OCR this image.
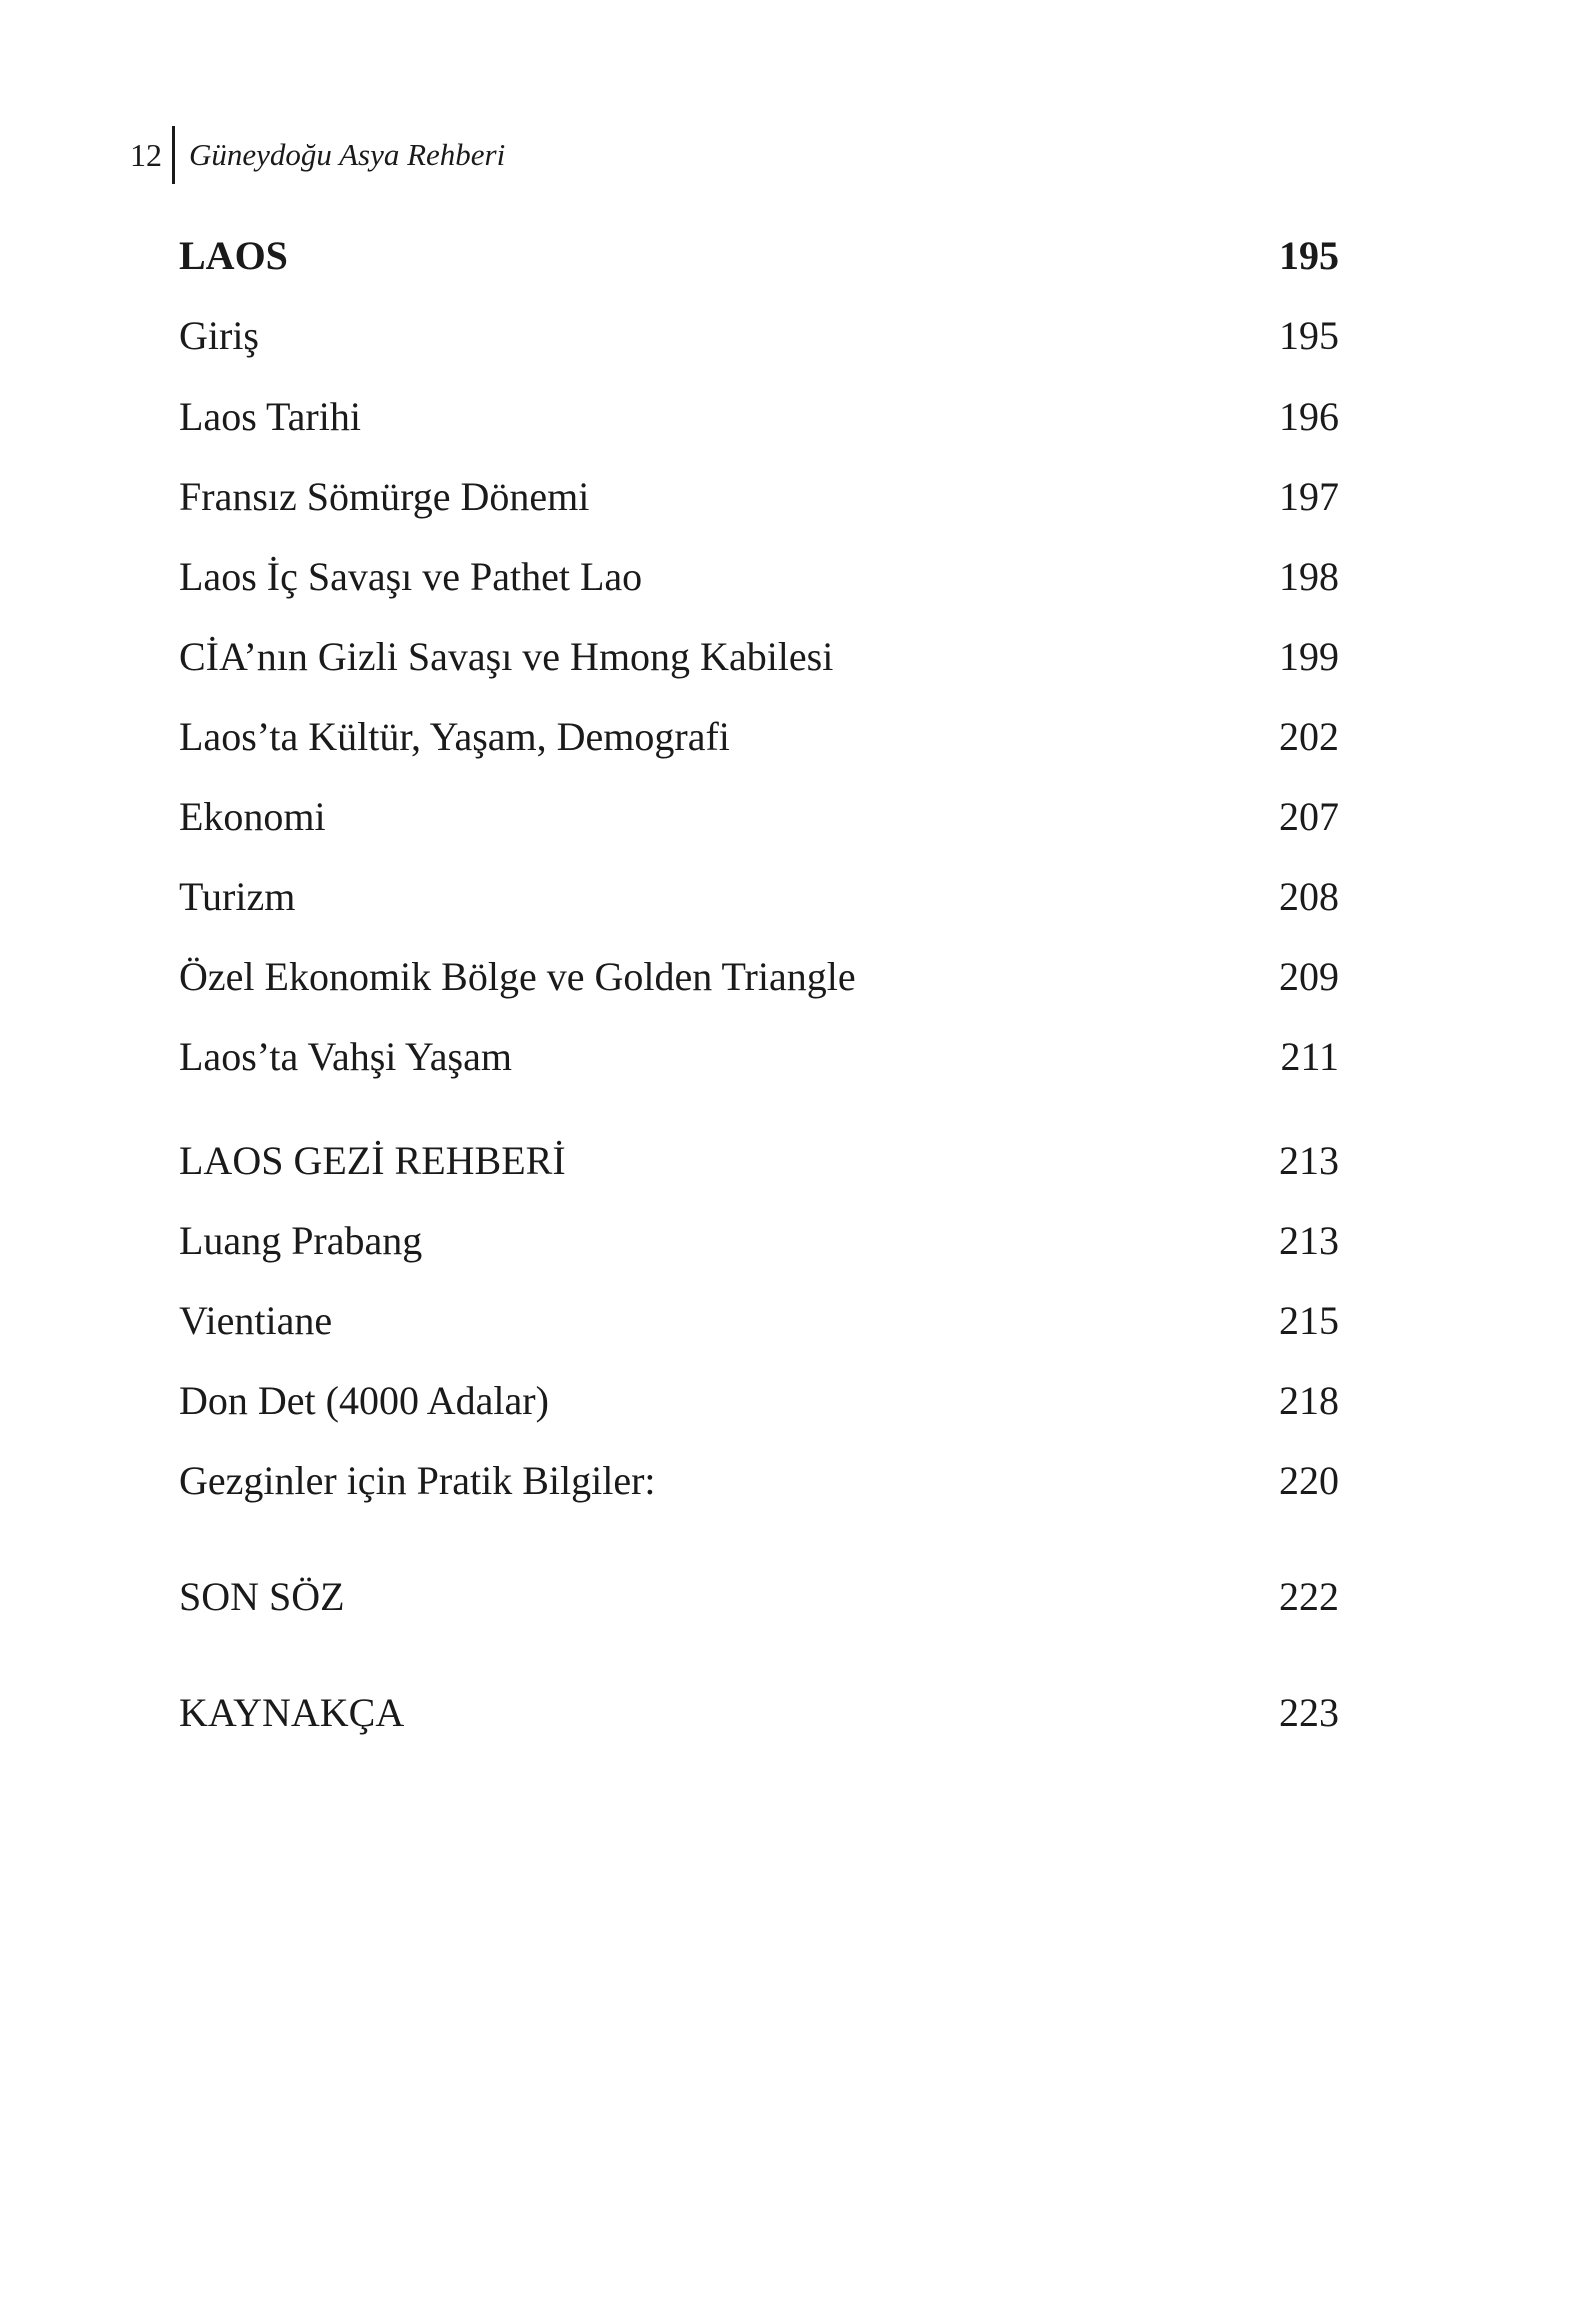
12 Güneydoğu Asya Rehberi
LAOS	195
Giriş	195
Laos Tarihi	196
Fransız Sömürge Dönemi	197
Laos İç Savaşı ve Pathet Lao	198
CİA’nın Gizli Savaşı ve Hmong Kabilesi	199
Laos’ta Kültür, Yaşam, Demografi	202
Ekonomi	207
Turizm	208
Özel Ekonomik Bölge ve Golden Triangle	209
Laos’ta Vahşi Yaşam	211
LAOS GEZİ REHBERİ	213
Luang Prabang	213
Vientiane	215
Don Det (4000 Adalar)	218
Gezginler için Pratik Bilgiler:	220
SON SÖZ	222
KAYNAKÇA	223
